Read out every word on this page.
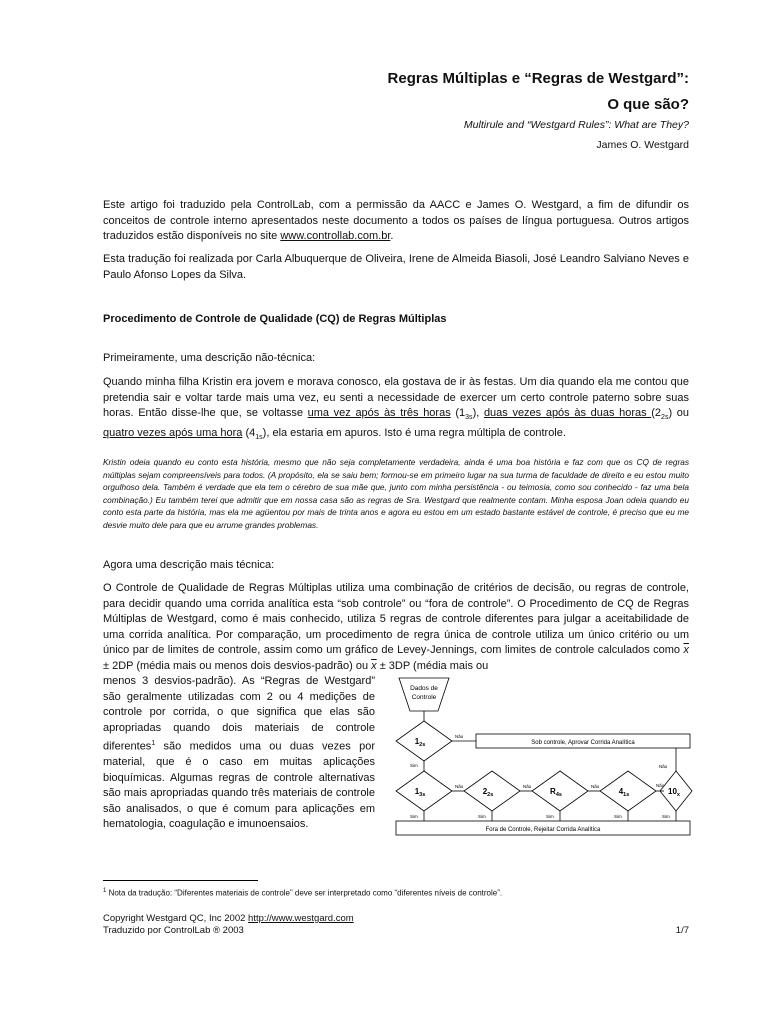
Regras Múltiplas e “Regras de Westgard”:
O que são?
Multirule and “Westgard Rules”: What are They?
James O. Westgard
Este artigo foi traduzido pela ControlLab, com a permissão da AACC e James O. Westgard, a fim de difundir os conceitos de controle interno apresentados neste documento a todos os países de língua portuguesa. Outros artigos traduzidos estão disponíveis no site www.controllab.com.br.
Esta tradução foi realizada por Carla Albuquerque de Oliveira, Irene de Almeida Biasoli, José Leandro Salviano Neves e Paulo Afonso Lopes da Silva.
Procedimento de Controle de Qualidade (CQ) de Regras Múltiplas
Primeiramente, uma descrição não-técnica:
Quando minha filha Kristin era jovem e morava conosco, ela gostava de ir às festas. Um dia quando ela me contou que pretendia sair e voltar tarde mais uma vez, eu senti a necessidade de exercer um certo controle paterno sobre suas horas. Então disse-lhe que, se voltasse uma vez após às três horas $(1_{3s})$, duas vezes após às duas horas $(2_{2s})$ ou quatro vezes após uma hora $(4_{1s})$, ela estaria em apuros. Isto é uma regra múltipla de controle.
Kristin odeia quando eu conto esta história, mesmo que não seja completamente verdadeira, ainda é uma boa história e faz com que os CQ de regras múltiplas sejam compreensíveis para todos. (A propósito, ela se saiu bem; formou-se em primeiro lugar na sua turma de faculdade de direito e eu estou muito orgulhoso dela. Também é verdade que ela tem o cérebro de sua mãe que, junto com minha persistência - ou teimosia, como sou conhecido - faz uma bela combinação.) Eu também terei que admitir que em nossa casa são as regras de Sra. Westgard que realmente contam. Minha esposa Joan odeia quando eu conto esta parte da história, mas ela me agüentou por mais de trinta anos e agora eu estou em um estado bastante estável de controle, é preciso que eu me desvie muito dele para que eu arrume grandes problemas.
Agora uma descrição mais técnica:
O Controle de Qualidade de Regras Múltiplas utiliza uma combinação de critérios de decisão, ou regras de controle, para decidir quando uma corrida analítica esta “sob controle” ou “fora de controle”. O Procedimento de CQ de Regras Múltiplas de Westgard, como é mais conhecido, utiliza 5 regras de controle diferentes para julgar a aceitabilidade de uma corrida analítica. Por comparação, um procedimento de regra única de controle utiliza um único critério ou um único par de limites de controle, assim como um gráfico de Levey-Jennings, com limites de controle calculados como $\overline{x} \pm 2DP$ (média mais ou menos dois desvios-padrão) ou $\overline{x} \pm 3DP$ (média mais ou
menos 3 desvios-padrão). As “Regras de Westgard” são geralmente utilizadas com 2 ou 4 medições de controle por corrida, o que significa que elas são apropriadas quando dois materiais de controle diferentes$^1$ são medidos uma ou duas vezes por material, que é o caso em muitas aplicações bioquímicas. Algumas regras de controle alternativas são mais apropriadas quando três materiais de controle são analisados, o que é comum para aplicações em hematologia, coagulação e imunoensaios.
Dados de
Controle
$1_{2s}$
$1_{3s}$	$2_{2s}$	$R_{4s}$	$4_{1s}$	$10_x$
Sob controle, Aprovar Corrida Analítica
Fora de Controle, Rejeitar Corrida Analítica
Não
Não	Não	Não	Não
Não
Sim
Sim	Sim	Sim	Sim	Sim
$^1$ Nota da tradução: “Diferentes materiais de controle” deve ser interpretado como “diferentes níveis de controle”.
Copyright Westgard QC, Inc 2002 http://www.westgard.com
Traduzido por ControlLab ® 2003	1/7
